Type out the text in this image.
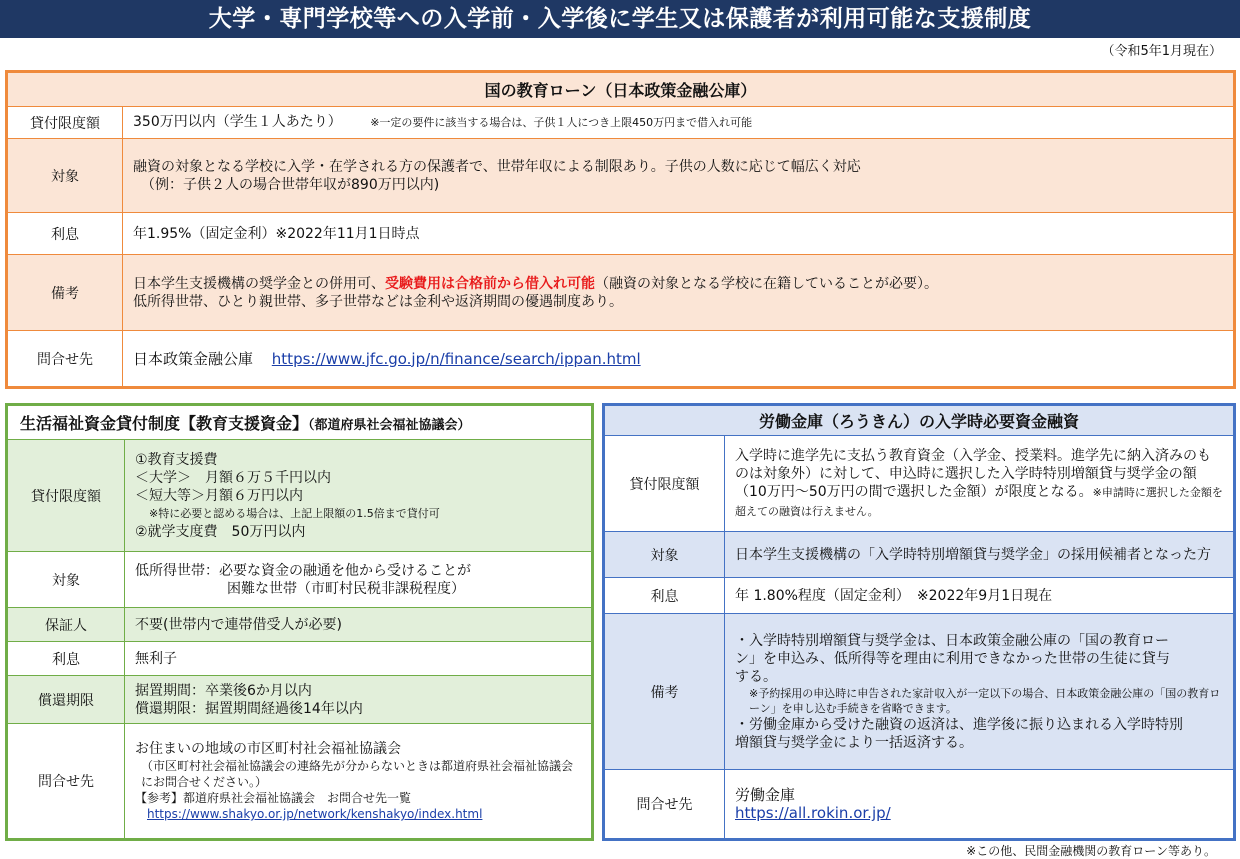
大学・専門学校等への入学前・入学後に学生又は保護者が利用可能な支援制度
（令和5年1月現在）
国の教育ローン（日本政策金融公庫）	
貸付限度額	350万円以内（学生１人あたり） ※一定の要件に該当する場合は、子供１人につき上限450万円まで借入れ可能
対象	融資の対象となる学校に入学・在学される方の保護者で、世帯年収による制限あり。子供の人数に応じて幅広く対応
（例：子供２人の場合世帯年収が890万円以内)

利息	年1.95%（固定金利）※2022年11月1日時点
備考	日本学生支援機構の奨学金との併用可、受験費用は合格前から借入れ可能（融資の対象となる学校に在籍していることが必要）。
低所得世帯、ひとり親世帯、多子世帯などは金利や返済期間の優遇制度あり。

問合せ先	日本政策金融公庫 https://www.jfc.go.jp/n/finance/search/ippan.html
生活福祉資金貸付制度【教育支援資金】（都道府県社会福祉協議会）	
貸付限度額	①教育支援費
＜大学＞　月額６万５千円以内
＜短大等＞月額６万円以内
※特に必要と認める場合は、上記上限額の1.5倍まで貸付可
②就学支度費　50万円以内

対象	低所得世帯：必要な資金の融通を他から受けることが
困難な世帯（市町村民税非課税程度）

保証人	不要(世帯内で連帯借受人が必要)
利息	無利子
償還期限	据置期間：卒業後6か月以内
償還期限：据置期間経過後14年以内

問合せ先	お住まいの地域の市区町村社会福祉協議会
（市区町村社会福祉協議会の連絡先が分からないときは都道府県社会福祉協議会にお問合せください。）
【参考】都道府県社会福祉協議会　お問合せ先一覧
https://www.shakyo.or.jp/network/kenshakyo/index.html
労働金庫（ろうきん）の入学時必要資金融資	
貸付限度額	入学時に進学先に支払う教育資金（入学金、授業料。進学先に納入済みのものは対象外）に対して、申込時に選択した入学時特別増額貸与奨学金の額（10万円～50万円の間で選択した金額）が限度となる。※申請時に選択した金額を超えての融資は行えません。
対象	日本学生支援機構の「入学時特別増額貸与奨学金」の採用候補者となった方
利息	年 1.80%程度（固定金利）　※2022年9月1日現在
備考	・入学時特別増額貸与奨学金は、日本政策金融公庫の「国の教育ローン」を申込み、低所得等を理由に利用できなかった世帯の生徒に貸与する。
※予約採用の申込時に申告された家計収入が一定以下の場合、日本政策金融公庫の「国の教育ローン」を申し込む手続きを省略できます。
・労働金庫から受けた融資の返済は、進学後に振り込まれる入学時特別増額貸与奨学金により一括返済する。

問合せ先	労働金庫
https://all.rokin.or.jp/
※この他、民間金融機関の教育ローン等あり。
